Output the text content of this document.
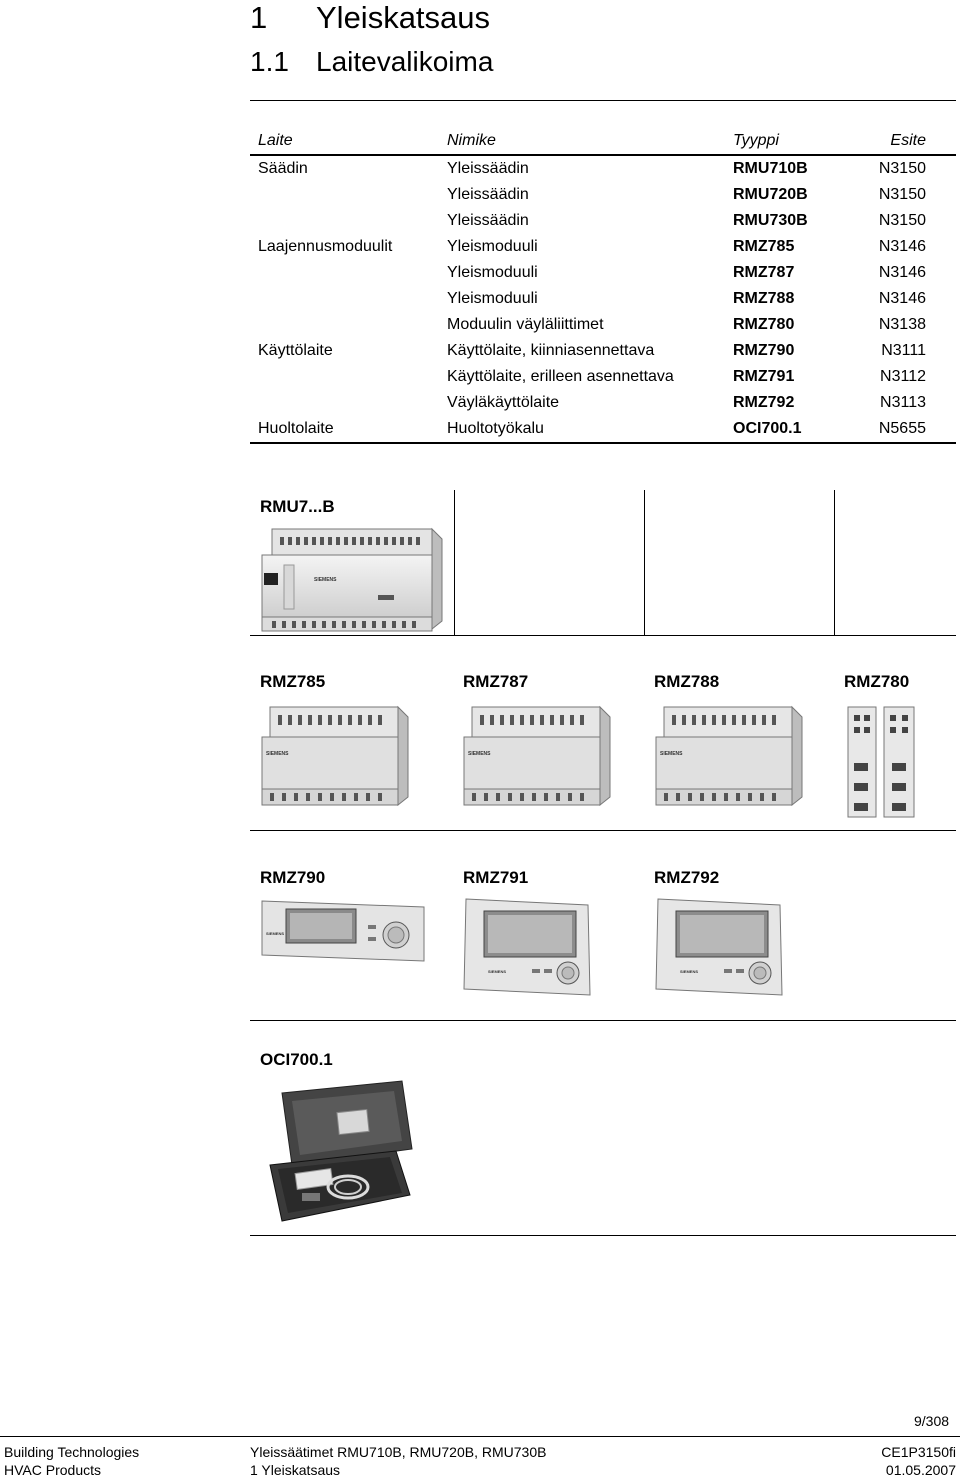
1 Yleiskatsaus
1.1 Laitevalikoima
Laite	Nimike	Tyyppi	Esite
Säädin	Yleissäädin	RMU710B	N3150
	Yleissäädin	RMU720B	N3150
	Yleissäädin	RMU730B	N3150
Laajennusmoduulit	Yleismoduuli	RMZ785	N3146
	Yleismoduuli	RMZ787	N3146
	Yleismoduuli	RMZ788	N3146
	Moduulin väyläliittimet	RMZ780	N3138
Käyttölaite	Käyttölaite, kiinniasennettava	RMZ790	N3111
	Käyttölaite, erilleen asennettava	RMZ791	N3112
	Väyläkäyttölaite	RMZ792	N3113
Huoltolaite	Huoltotyökalu	OCI700.1	N5655
RMU7...B
RMZ785	RMZ787	RMZ788	RMZ780
RMZ790	RMZ791	RMZ792
OCI700.1
SIEMENS
SIEMENS	SIEMENS	SIEMENS
SIEMENS
SIEMENS	SIEMENS
9/308
Building Technologies
HVAC Products
Yleissäätimet RMU710B, RMU720B, RMU730B
1 Yleiskatsaus
CE1P3150fi
01.05.2007
